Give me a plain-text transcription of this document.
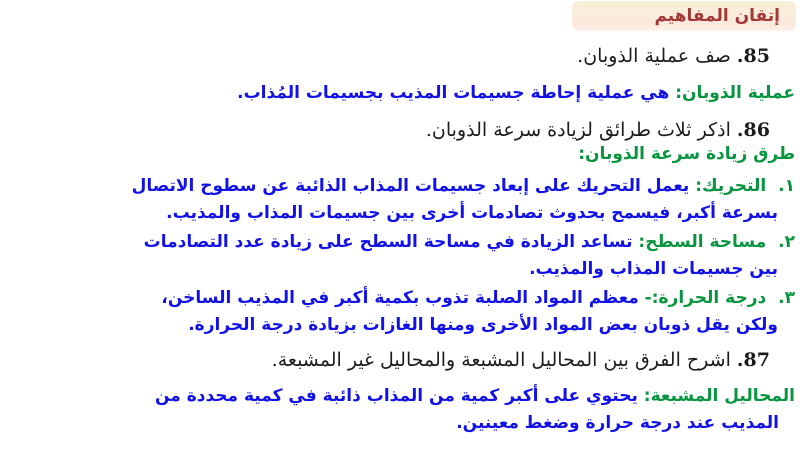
إتقان المفاهيم
85. صف عملية الذوبان.
عملية الذوبان: هي عملية إحاطة جسيمات المذيب بجسيمات المُذاب.
86. اذكر ثلاث طرائق لزيادة سرعة الذوبان.
طرق زيادة سرعة الذوبان:
١. التحريك: يعمل التحريك على إبعاد جسيمات المذاب الذائبة عن سطوح الاتصال
بسرعة أكبر، فيسمح بحدوث تصادمات أخرى بين جسيمات المذاب والمذيب.
٢. مساحة السطح: تساعد الزيادة في مساحة السطح على زيادة عدد التصادمات
بين جسيمات المذاب والمذيب.
٣. درجة الحرارة:- معظم المواد الصلبة تذوب بكمية أكبر في المذيب الساخن،
ولكن يقل ذوبان بعض المواد الأخرى ومنها الغازات بزيادة درجة الحرارة.
87. اشرح الفرق بين المحاليل المشبعة والمحاليل غير المشبعة.
المحاليل المشبعة: يحتوي على أكبر كمية من المذاب ذائبة في كمية محددة من
المذيب عند درجة حرارة وضغط معينين.
